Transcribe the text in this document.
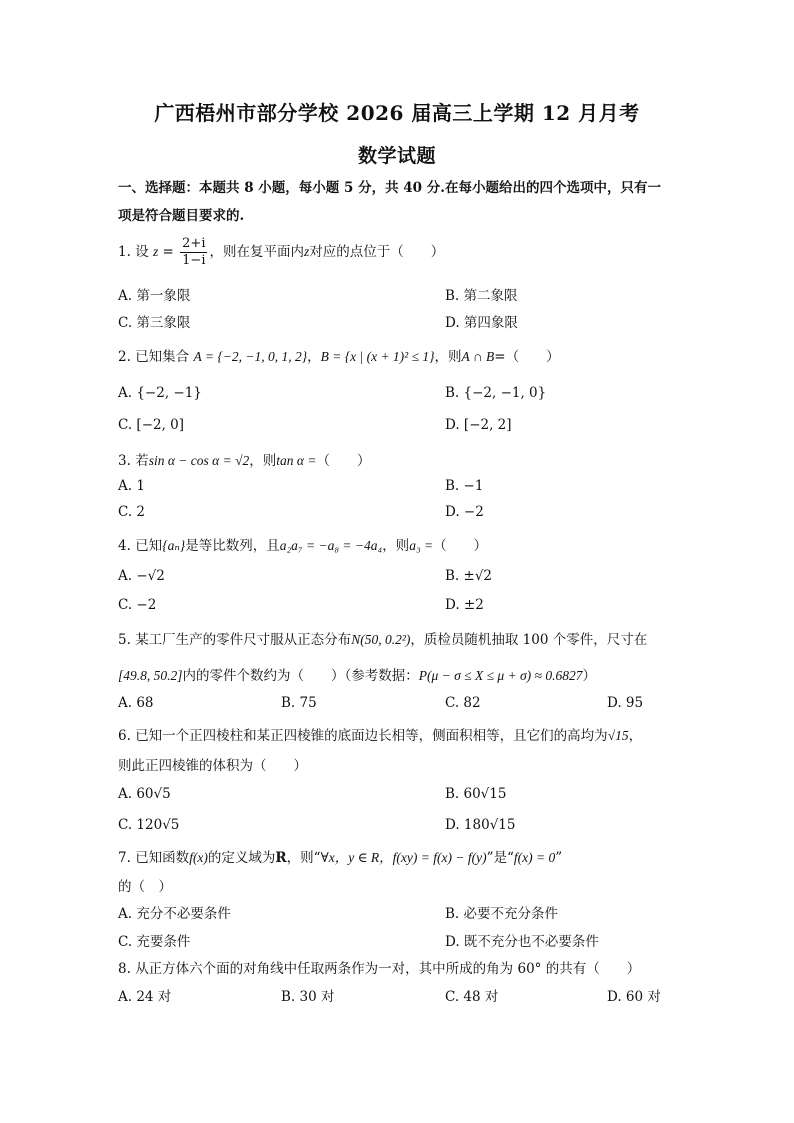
广西梧州市部分学校 2026 届高三上学期 12 月月考
数学试题
一、选择题：本题共 8 小题，每小题 5 分，共 40 分.在每小题给出的四个选项中，只有一
项是符合题目要求的.
1. 设 $z = \frac{2+i}{1-i}$ ，则在复平面内z对应的点位于（　　）
A. 第一象限	B. 第二象限
C. 第三象限	D. 第四象限
2. 已知集合 A = {−2, −1, 0, 1, 2}，B = {x | (x + 1)² ≤ 1}，则A ∩ B=（　　）
A. {−2, −1}	B. {−2, −1, 0}
C. [−2, 0]	D. [−2, 2]
3. 若sin α − cos α = √2，则tan α =（　　）
A. 1	B. −1
C. 2	D. −2
4. 已知{aₙ}是等比数列，且a₂a₇ = −a₈ = −4a₄，则a₃ =（　　）
A. −√2	B. ±√2
C. −2	D. ±2
5. 某工厂生产的零件尺寸服从正态分布N(50, 0.2²)，质检员随机抽取 100 个零件，尺寸在
[49.8, 50.2]内的零件个数约为（　　）（参考数据：P(μ − σ ≤ X ≤ μ + σ) ≈ 0.6827）
A. 68	B. 75	C. 82	D. 95
6. 已知一个正四棱柱和某正四棱锥的底面边长相等，侧面积相等，且它们的高均为√15，
则此正四棱锥的体积为（　　）
A. 60√5	B. 60√15
C. 120√5	D. 180√15
7. 已知函数f(x)的定义域为R，则“∀x，y ∈ R，f(xy) = f(x) − f(y)”是“f(x) = 0”
的（　）
A. 充分不必要条件	B. 必要不充分条件
C. 充要条件	D. 既不充分也不必要条件
8. 从正方体六个面的对角线中任取两条作为一对，其中所成的角为 60° 的共有（　　）
A. 24 对	B. 30 对	C. 48 对	D. 60 对
